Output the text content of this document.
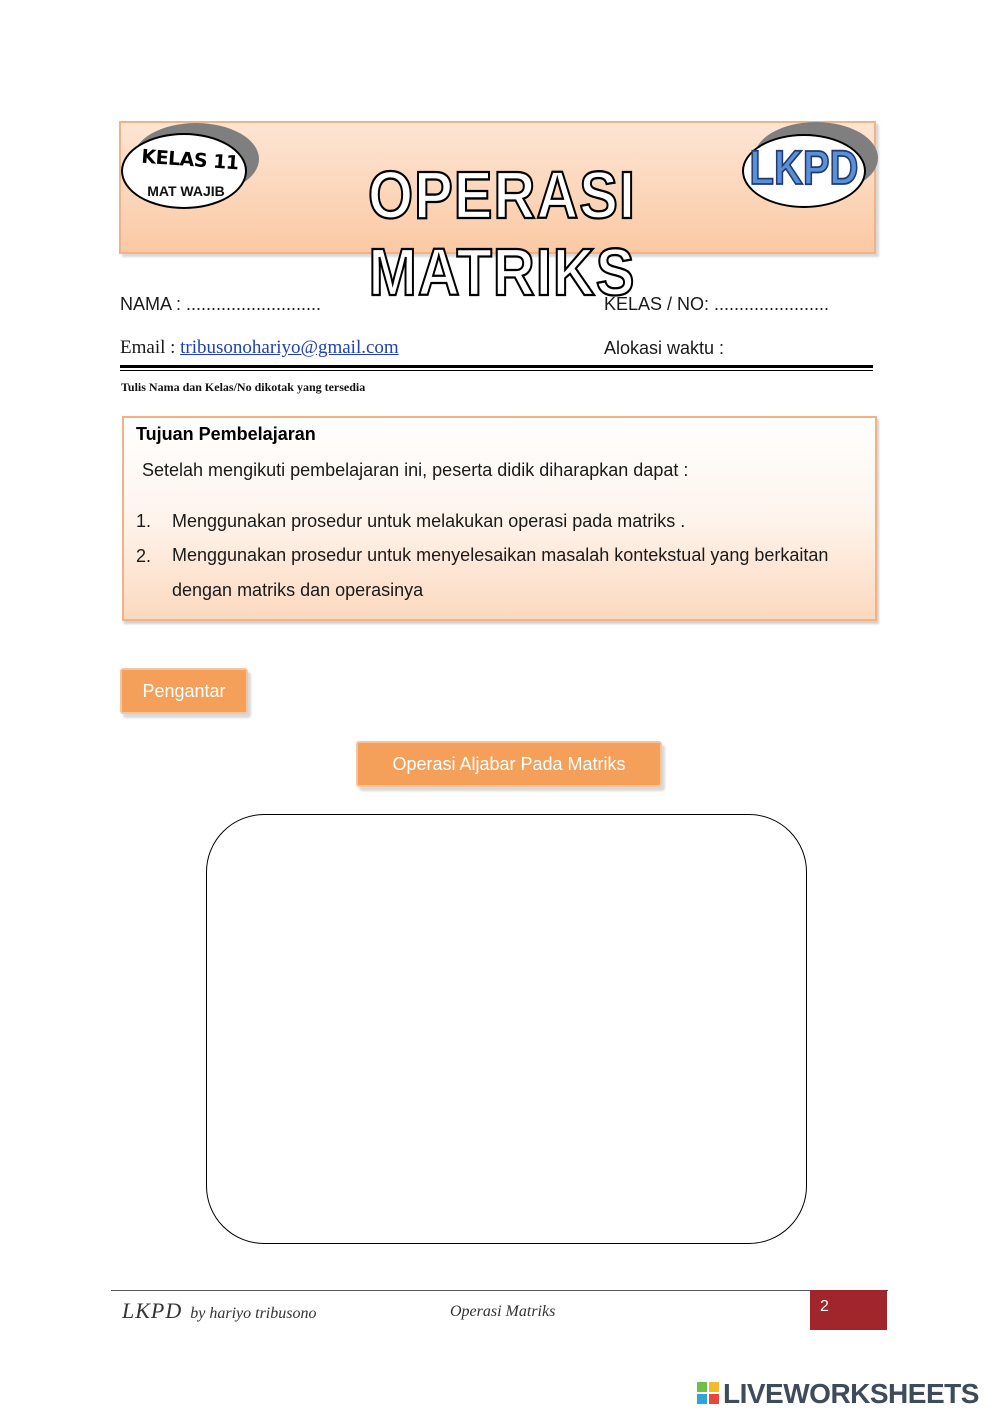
KELAS 11
MAT WAJIB	OPERASI MATRIKS
LKPD
NAMA : ...........................	KELAS / NO: .......................
Email : tribusonohariyo@gmail.com	Alokasi waktu :
Tulis Nama dan Kelas/No dikotak yang tersedia
Tujuan Pembelajaran
Setelah mengikuti pembelajaran ini, peserta didik diharapkan dapat :
1. Menggunakan prosedur untuk melakukan operasi pada matriks .
2. Menggunakan prosedur untuk menyelesaikan masalah kontekstual yang berkaitan dengan matriks dan operasinya
Pengantar
Operasi Aljabar Pada Matriks
LKPD by hariyo tribusono	Operasi Matriks	2
LIVEWORKSHEETS
